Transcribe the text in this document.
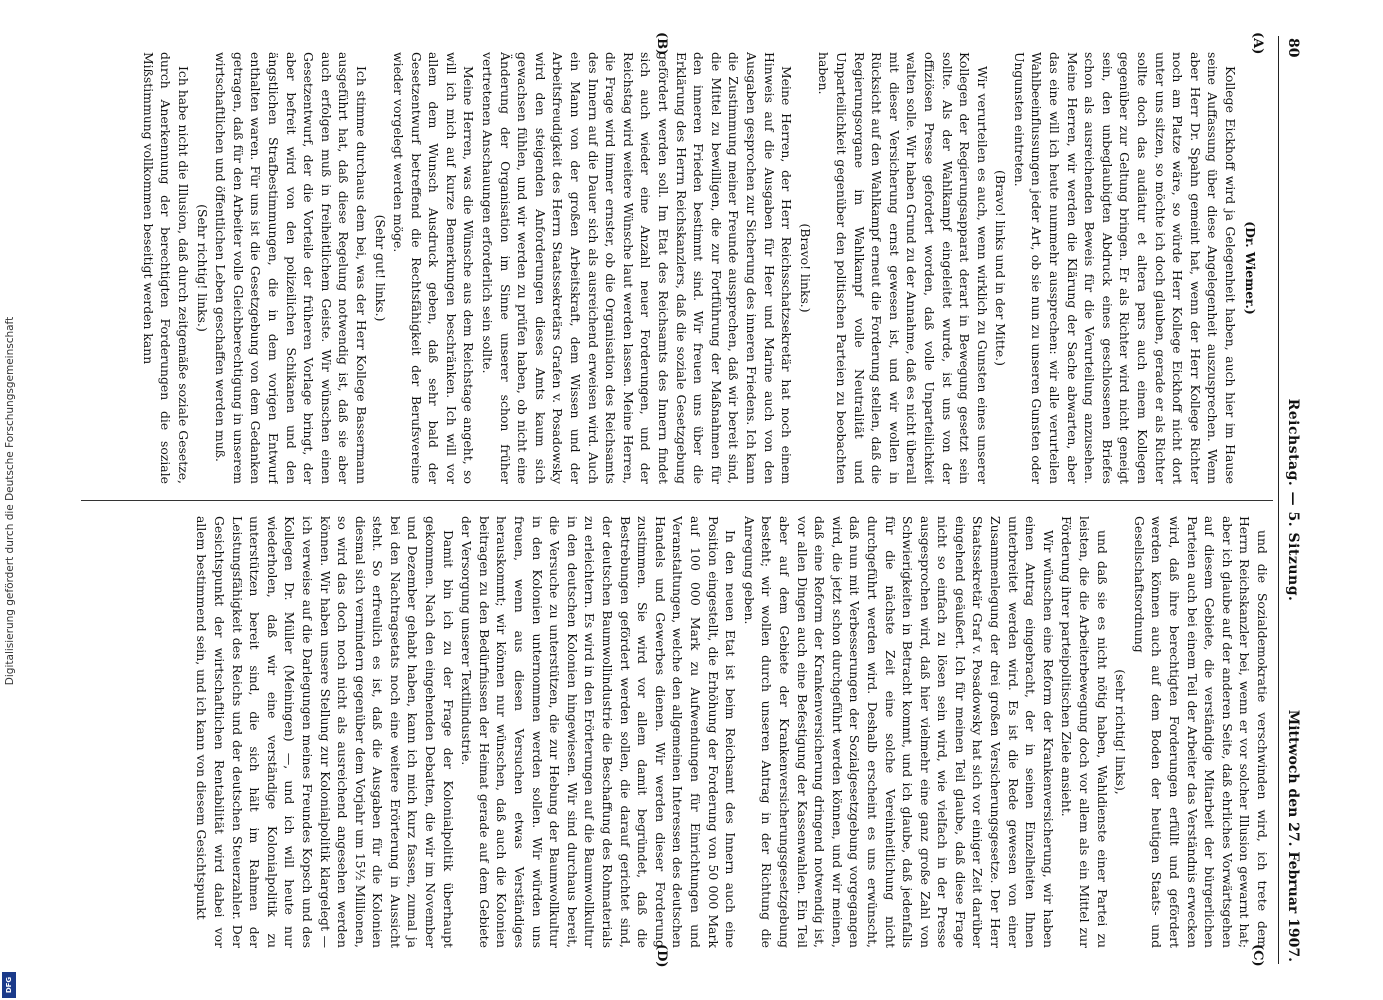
80
Reichstag. — 5. Sitzung.
Mittwoch den 27. Februar 1907.
(A)
(B)
(C)
(D)

(Dr. Wiemer.)

Kollege Eickhoff wird ja Gelegenheit haben, auch hier im Hause seine Auffassung über diese Angelegenheit auszusprechen. Wenn aber Herr Dr. Spahn gemeint hat, wenn der Herr Kollege Richter noch am Platze wäre, so würde Herr Kollege Eickhoff nicht dort unter uns sitzen, so möchte ich doch glauben, gerade er als Richter sollte doch das audiatur et altera pars auch einem Kollegen gegenüber zur Geltung bringen. Er als Richter wird nicht geneigt sein, den unbeglaubigten Abdruck eines geschlossenen Briefes schon als ausreichenden Beweis für die Verurteilung anzusehen. Meine Herren, wir werden die Klärung der Sache abwarten, aber das eine will ich heute nummehr aussprechen: wir alle verurteilen Wahlbeeinflussungen jeder Art, ob sie nun zu unseren Gunsten oder Ungunsten eintreten.

(Bravo! links und in der Mitte.)

Wir verurteilen es auch, wenn wirklich zu Gunsten eines unserer Kollegen der Regierungsapparat derart in Bewegung gesetzt sein sollte. Als der Wahlkampf eingeleitet wurde, ist uns von der offiziösen Presse gefordert worden, daß volle Unparteilichkeit walten solle. Wir haben Grund zu der Annahme, daß es nicht überall mit dieser Versicherung ernst gewesen ist, und wir wollen in Rücksicht auf den Wahlkampf erneut die Forderung stellen, daß die Regierungsorgane im Wahlkampf volle Neutralität und Unparteilichkeit gegenüber den politischen Parteien zu beobachten haben.

(Bravo! links.)

Meine Herren, der Herr Reichsschatzsekretär hat noch einem Hinweis auf die Ausgaben für Heer und Marine auch von den Ausgaben gesprochen zur Sicherung des inneren Friedens. Ich kann die Zustimmung meiner Freunde aussprechen, daß wir bereit sind, die Mittel zu bewilligen, die zur Fortführung der Maßnahmen für den inneren Frieden bestimmt sind. Wir freuen uns über die Erklärung des Herrn Reichskanzlers, daß die soziale Gesetzgebung gefördert werden soll. Im Etat des Reichsamts des Innern findet sich auch wieder eine Anzahl neuer Forderungen, und der Reichstag wird weitere Wünsche laut werden lassen. Meine Herren, die Frage wird immer ernster, ob die Organisation des Reichsamts des Innern auf die Dauer sich als ausreichend erweisen wird. Auch ein Mann von der großen Arbeitskraft, dem Wissen und der Arbeitsfreudigkeit des Herrn Staatssekretärs Grafen v. Posadowsky wird den steigenden Anforderungen dieses Amts kaum sich gewachsen fühlen, und wir werden zu prüfen haben, ob nicht eine Änderung der Organisation im Sinne unserer schon früher vertretenen Anschauungen erforderlich sein sollte.

Meine Herren, was die Wünsche aus dem Reichstage angeht, so will ich mich auf kurze Bemerkungen beschränken. Ich will vor allem dem Wunsch Ausdruck geben, daß sehr bald der Gesetzentwurf betreffend die Rechtsfähigkeit der Berufsvereine wieder vorgelegt werden möge.

(Sehr gut! links.)

Ich stimme durchaus dem bei, was der Herr Kollege Bassermann ausgeführt hat, daß diese Regelung notwendig ist, daß sie aber auch erfolgen muß in freiheitlichem Geiste. Wir wünschen einen Gesetzentwurf, der die Vorteile der früheren Vorlage bringt, der aber befreit wird von den polizeilichen Schikanen und den ängstlichen Strafbestimmungen, die in dem vorigen Entwurf enthalten waren. Für uns ist die Gesetzgebung von dem Gedanken getragen, daß für den Arbeiter volle Gleichberechtigung in unserem wirtschaftlichen und öffentlichen Leben geschaffen werden muß.

(Sehr richtig! links.)

Ich habe nicht die Illusion, daß durch zeitgemäße soziale Gesetze, durch Anerkennung der berechtigten Forderungen die soziale Mißstimmung vollkommen beseitigt werden kann

und die Sozialdemokratie verschwinden wird, ich trete dem Herrn Reichskanzler bei, wenn er vor solcher Illusion gewarnt hat; aber ich glaube auf der anderen Seite, daß ehrliches Vorwärtsgehen auf diesem Gebiete, die verständige Mitarbeit der bürgerlichen Parteien auch bei einem Teil der Arbeiter das Verständnis erwecken wird, daß ihre berechtigten Forderungen erfüllt und gefördert werden können auch auf dem Boden der heutigen Staats- und Gesellschaftsordnung

(sehr richtig! links),

und daß sie es nicht nötig haben, Wahldienste einer Partei zu leisten, die die Arbeiterbewegung doch vor allem als ein Mittel zur Förderung ihrer parteipolitischen Ziele ansieht.

Wir wünschen eine Reform der Krankenversicherung, wir haben einen Antrag eingebracht, der in seinen Einzelheiten Ihnen unterbreitet werden wird. Es ist die Rede gewesen von einer Zusammenlegung der drei großen Versicherungsgesetze. Der Herr Staatssekretär Graf v. Posadowsky hat sich vor einiger Zeit darüber eingehend geäußert. Ich für meinen Teil glaube, daß diese Frage nicht so einfach zu lösen sein wird, wie vielfach in der Presse ausgesprochen wird, daß hier vielmehr eine ganz große Zahl von Schwierigkeiten in Betracht kommt, und ich glaube, daß jedenfalls für die nächste Zeit eine solche Vereinheitlichung nicht durchgeführt werden wird. Deshalb erscheint es uns erwünscht, daß nun mit Verbesserungen der Sozialgesetzgebung vorgegangen wird, die jetzt schon durchgeführt werden können, und wir meinen, daß eine Reform der Krankenversicherung dringend notwendig ist, vor allen Dingen auch eine Befestigung der Kassenwahlen. Ein Teil aber auf dem Gebiete der Krankenversicherungsgesetzgebung besteht; wir wollen durch unseren Antrag in der Richtung die Anregung geben.

In den neuen Etat ist beim Reichsamt des Innern auch eine Position eingestellt, die Erhöhung der Forderung von 50 000 Mark auf 100 000 Mark zu Aufwendungen für Einrichtungen und Veranstaltungen, welche den allgemeinen Interessen des deutschen Handels und Gewerbes dienen. Wir werden dieser Forderung zustimmen. Sie wird vor allem damit begründet, daß die Bestrebungen gefördert werden sollen, die darauf gerichtet sind, der deutschen Baumwollindustrie die Beschaffung des Rohmaterials zu erleichtern. Es wird in den Erörterungen auf die Baumwollkultur in den deutschen Kolonien hingewiesen. Wir sind durchaus bereit, die Versuche zu unterstützen, die zur Hebung der Baumwollkultur in den Kolonien unternommen werden sollen. Wir würden uns freuen, wenn aus diesen Versuchen etwas Verständiges herauskommt; wir können nur wünschen, daß auch die Kolonien beitragen zu den Bedürfnissen der Heimat gerade auf dem Gebiete der Versorgung unserer Textilindustrie.

Damit bin ich zu der Frage der Kolonialpolitik überhaupt gekommen. Nach den eingehenden Debatten, die wir im November und Dezember gehabt haben, kann ich mich kurz fassen, zumal ja bei den Nachtragsetats noch eine weitere Erörterung in Aussicht steht. So erfreulich es ist, daß die Ausgaben für die Kolonien diesmal sich vermindern gegenüber dem Vorjahr um 15½ Millionen, so wird das doch noch nicht als ausreichend angesehen werden können. Wir haben unsere Stellung zur Kolonialpolitik klargelegt — ich verweise auf die Darlegungen meines Freundes Kopsch und des Kollegen Dr. Müller (Meiningen) —, und ich will heute nur wiederholen, daß wir eine verständige Kolonialpolitik zu unterstützen bereit sind, die sich hält im Rahmen der Leistungsfähigkeit des Reichs und der deutschen Steuerzahler. Der Gesichtspunkt der wirtschaftlichen Rentabilität wird dabei vor allem bestimmend sein, und ich kann von diesem Gesichtspunkt

Digitalisierung gefördert durch die Deutsche Forschungsgemeinschaft
DFG
